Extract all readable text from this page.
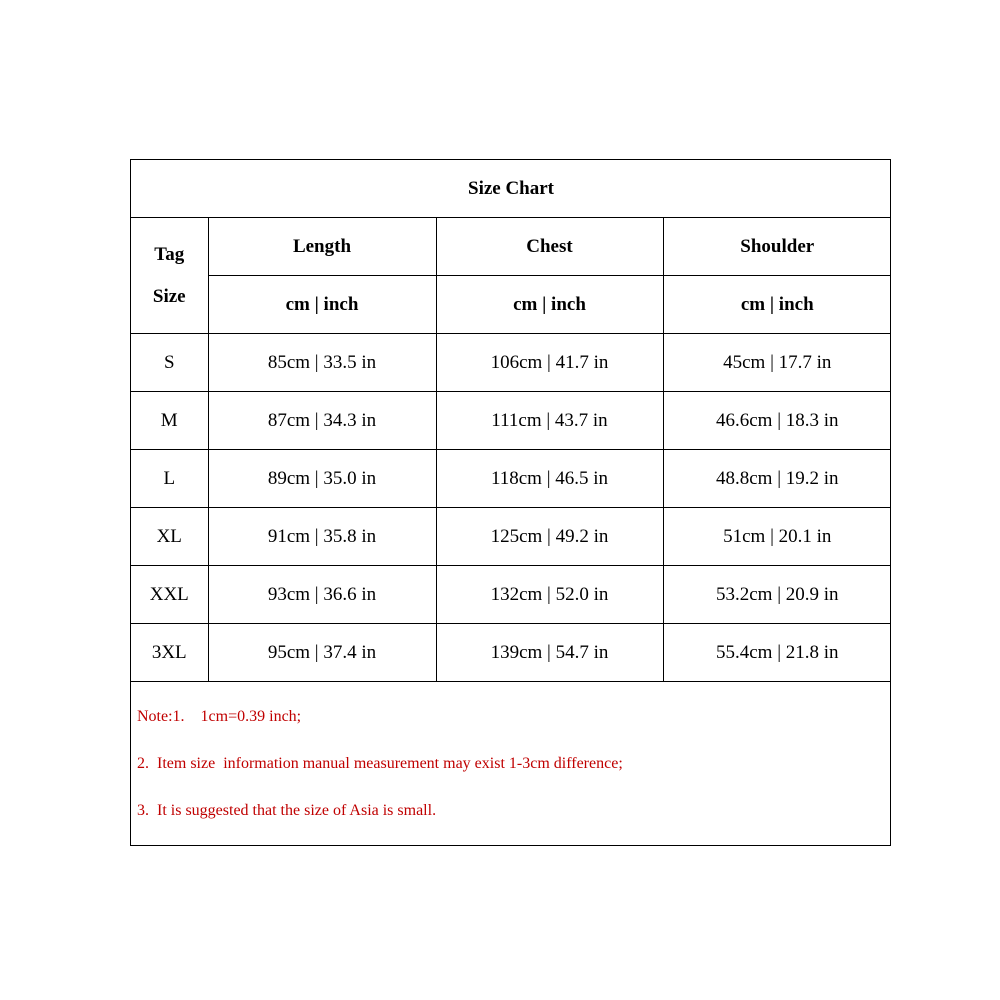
Size Chart			

Tag
Size	Length	Chest	Shoulder
	cm | inch	cm | inch	cm | inch
S	85cm | 33.5 in	106cm | 41.7 in	45cm | 17.7 in
M	87cm | 34.3 in	111cm | 43.7 in	46.6cm | 18.3 in
L	89cm | 35.0 in	118cm | 46.5 in	48.8cm | 19.2 in
XL	91cm | 35.8 in	125cm | 49.2 in	51cm | 20.1 in
XXL	93cm | 36.6 in	132cm | 52.0 in	53.2cm | 20.9 in
3XL	95cm | 37.4 in	139cm | 54.7 in	55.4cm | 21.8 in
Note:1.    1cm=0.39 inch;
2.  Item size  information manual measurement may exist 1-3cm difference;
3.  It is suggested that the size of Asia is small.
